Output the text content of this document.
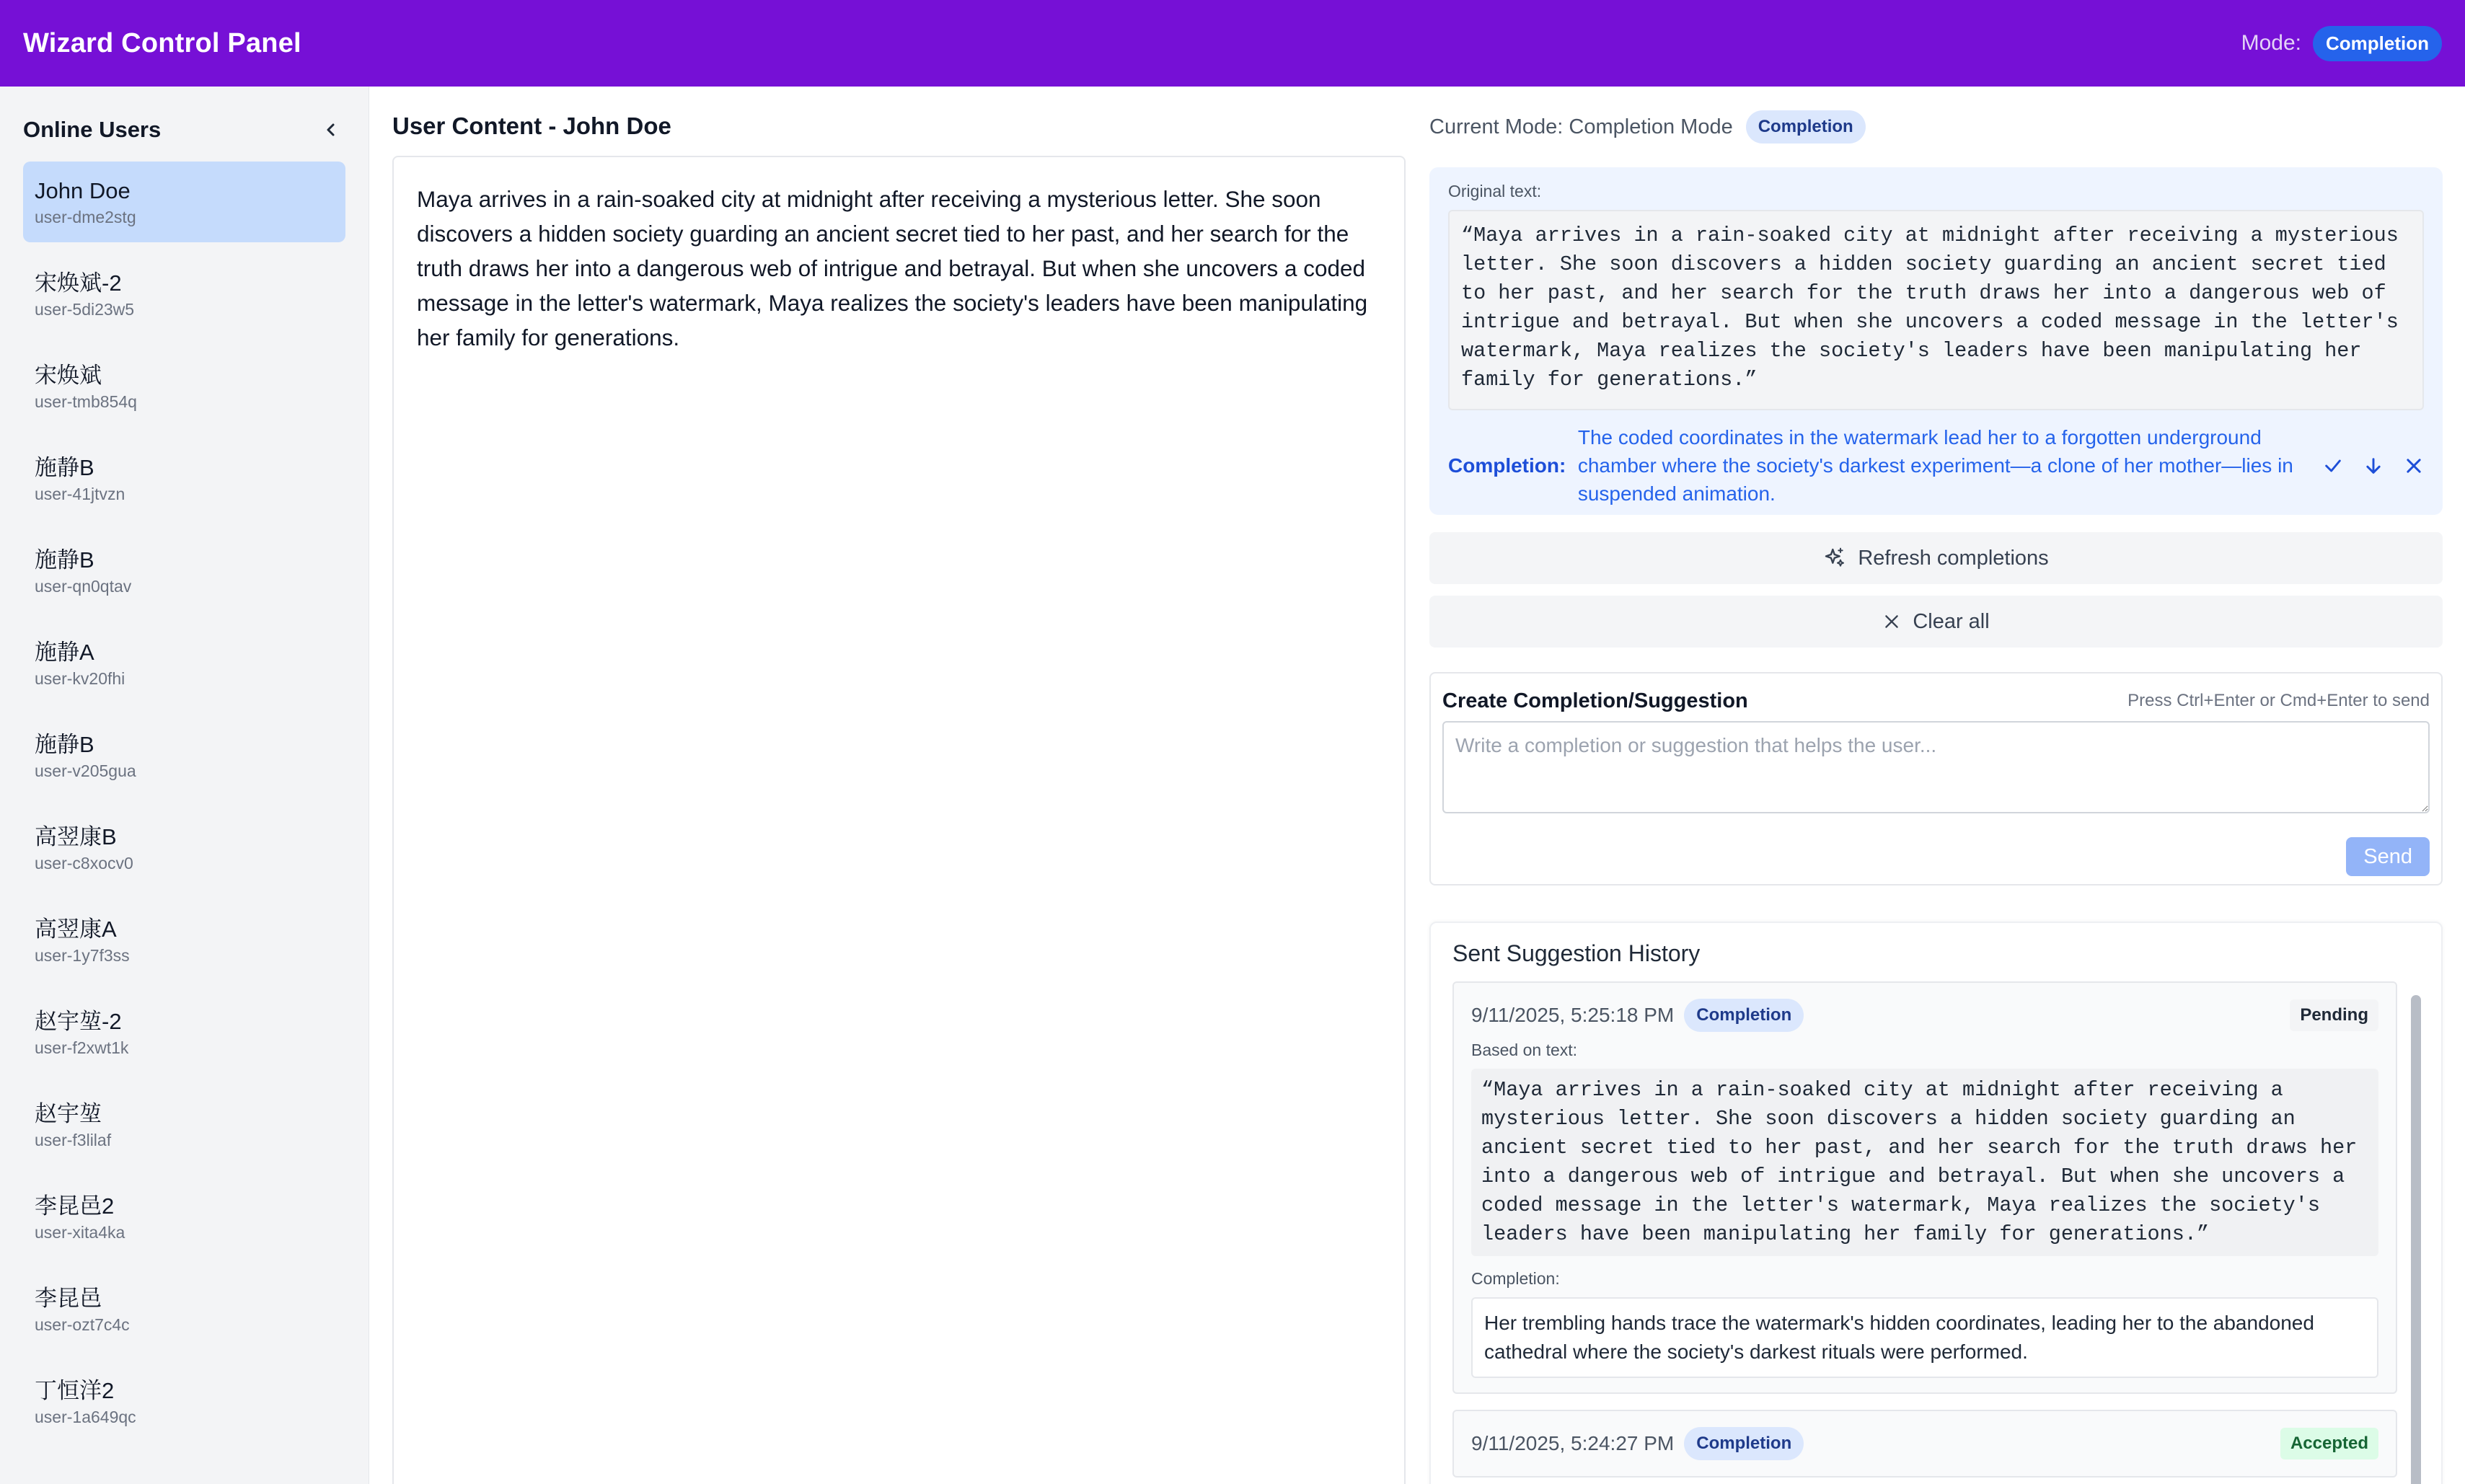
Wizard Control Panel	Mode:	Completion
Online Users
John Doe
user-dme2stg
宋焕斌-2
user-5di23w5
宋焕斌
user-tmb854q
施静B
user-41jtvzn
施静B
user-qn0qtav
施静A
user-kv20fhi
施静B
user-v205gua
高翌康B
user-c8xocv0
高翌康A
user-1y7f3ss
赵宇堃-2
user-f2xwt1k
赵宇堃
user-f3lilaf
李昆邑2
user-xita4ka
李昆邑
user-ozt7c4c
丁恒洋2
user-1a649qc
User Content - John Doe
Maya arrives in a rain-soaked city at midnight after receiving a mysterious letter. She soon discovers a hidden society guarding an ancient secret tied to her past, and her search for the truth draws her into a dangerous web of intrigue and betrayal. But when she uncovers a coded message in the letter's watermark, Maya realizes the society's leaders have been manipulating her family for generations.
Current Mode: Completion Mode	Completion
Original text:
“Maya arrives in a rain-soaked city at midnight after receiving a mysterious letter. She soon discovers a hidden society guarding an ancient secret tied to her past, and her search for the truth draws her into a dangerous web of intrigue and betrayal. But when she uncovers a coded message in the letter's watermark, Maya realizes the society's leaders have been manipulating her family for generations.”
Completion:
The coded coordinates in the watermark lead her to a forgotten underground chamber where the society's darkest experiment—a clone of her mother—lies in suspended animation.
Refresh completions
Clear all
Create Completion/Suggestion	Press Ctrl+Enter or Cmd+Enter to send
Write a completion or suggestion that helps the user...
Send
Sent Suggestion History
9/11/2025, 5:25:18 PM	Completion	Pending
Based on text:
“Maya arrives in a rain-soaked city at midnight after receiving a mysterious letter. She soon discovers a hidden society guarding an ancient secret tied to her past, and her search for the truth draws her into a dangerous web of intrigue and betrayal. But when she uncovers a coded message in the letter's watermark, Maya realizes the society's leaders have been manipulating her family for generations.”
Completion:
Her trembling hands trace the watermark's hidden coordinates, leading her to the abandoned cathedral where the society's darkest rituals were performed.
9/11/2025, 5:24:27 PM	Completion	Accepted
